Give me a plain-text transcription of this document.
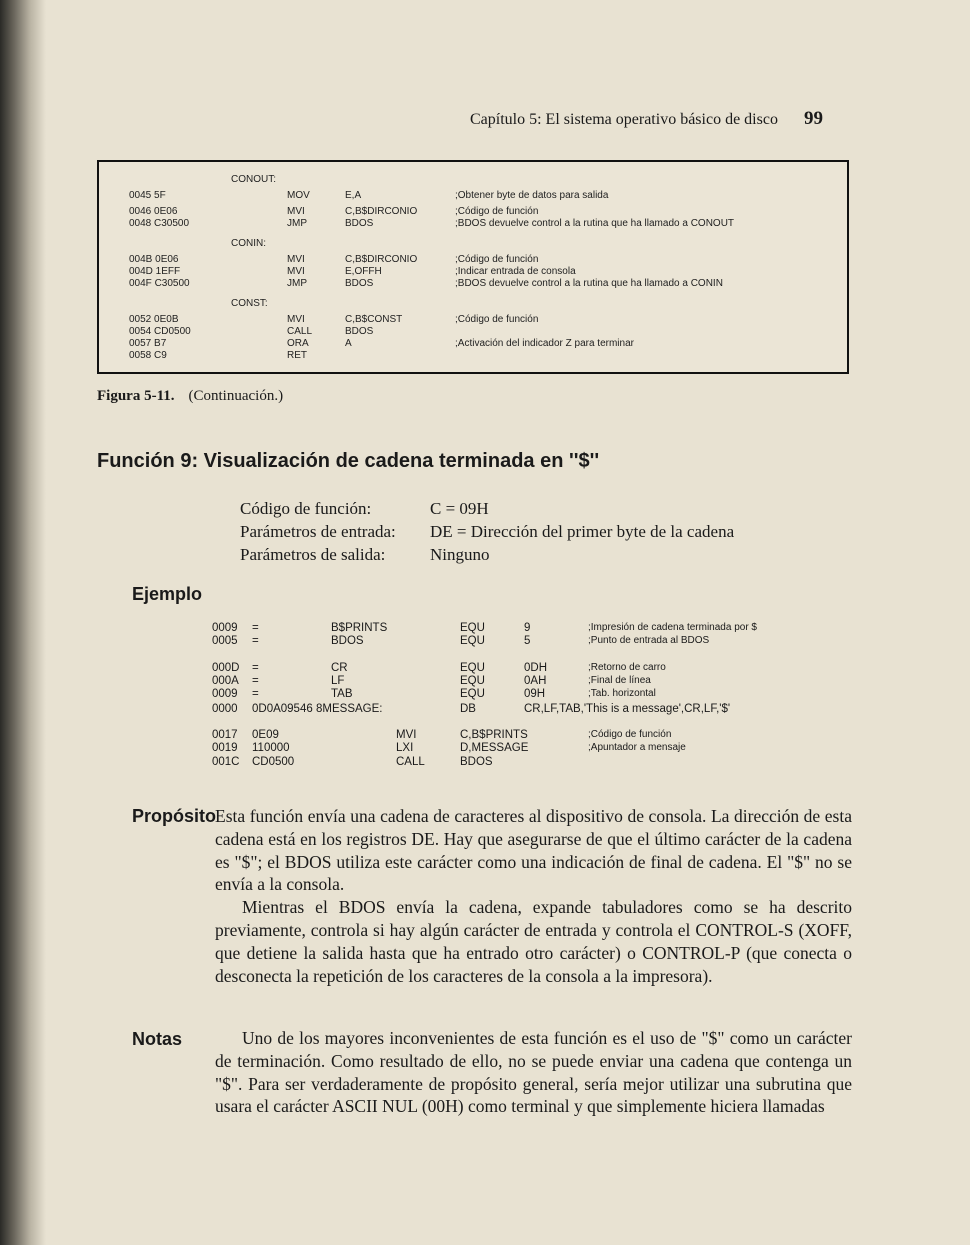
Capítulo 5: El sistema operativo básico de disco 99
CONOUT:
0045 5F	MOV	E,A	;Obtener byte de datos para salida
0046 0E06	MVI	C,B$DIRCONIO	;Código de función
0048 C30500	JMP	BDOS	;BDOS devuelve control a la rutina que ha llamado a CONOUT
CONIN:
004B 0E06	MVI	C,B$DIRCONIO	;Código de función
004D 1EFF	MVI	E,OFFH	;Indicar entrada de consola
004F C30500	JMP	BDOS	;BDOS devuelve control a la rutina que ha llamado a CONIN
CONST:
0052 0E0B	MVI	C,B$CONST	;Código de función
0054 CD0500	CALL	BDOS
0057 B7	ORA	A	;Activación del indicador Z para terminar
0058 C9	RET
Figura 5-11. (Continuación.)
Función 9: Visualización de cadena terminada en ''$''
Código de función:	C = 09H
Parámetros de entrada:	DE = Dirección del primer byte de la cadena
Parámetros de salida:	Ninguno
Ejemplo
0009 =	B$PRINTS	EQU	9	;Impresión de cadena terminada por $
0005 =	BDOS	EQU	5	;Punto de entrada al BDOS
000D =	CR	EQU	0DH	;Retorno de carro
000A =	LF	EQU	0AH	;Final de línea
0009 =	TAB	EQU	09H	;Tab. horizontal
0000 0D0A09546 8MESSAGE:	DB	CR,LF,TAB,'This is a message',CR,LF,'$'
0017 0E09	MVI	C,B$PRINTS	;Código de función
0019 110000	LXI	D,MESSAGE	;Apuntador a mensaje
001C CD0500	CALL	BDOS
Propósito Esta función envía una cadena de caracteres al dispositivo de consola. La dirección de esta cadena está en los registros DE. Hay que asegurarse de que el último carácter de la cadena es "$"; el BDOS utiliza este carácter como una indicación de final de cadena. El "$" no se envía a la consola.
Mientras el BDOS envía la cadena, expande tabuladores como se ha descrito previamente, controla si hay algún carácter de entrada y controla el CONTROL-S (XOFF, que detiene la salida hasta que ha entrado otro carácter) o CONTROL-P (que conecta o desconecta la repetición de los caracteres de la consola a la impresora).
Notas	Uno de los mayores inconvenientes de esta función es el uso de "$" como un carácter de terminación. Como resultado de ello, no se puede enviar una cadena que contenga un "$". Para ser verdaderamente de propósito general, sería mejor utilizar una subrutina que usara el carácter ASCII NUL (00H) como terminal y que simplemente hiciera llamadas
